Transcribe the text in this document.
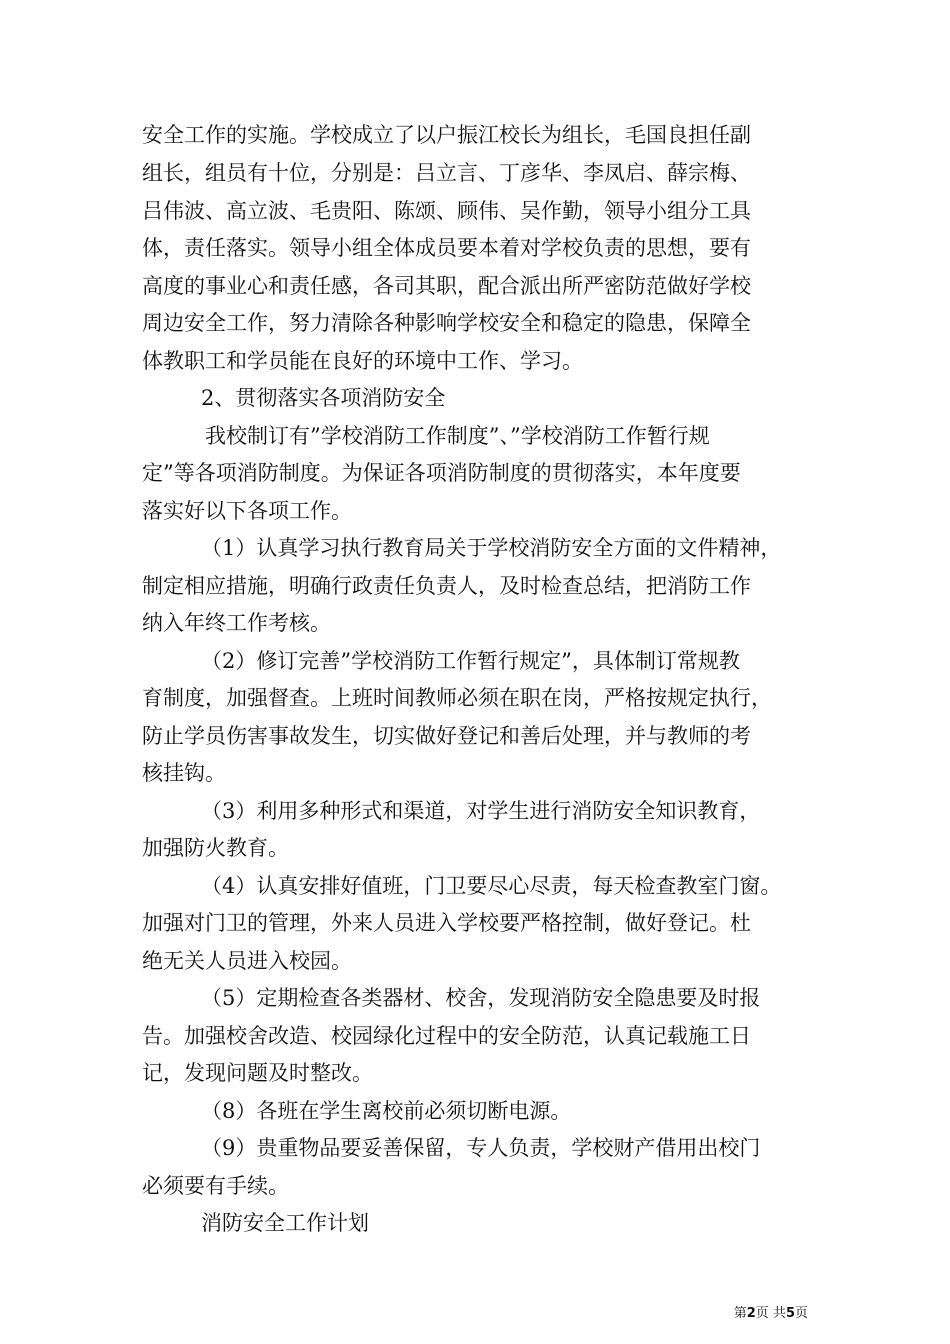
安全工作的实施。学校成立了以户振江校长为组长，毛国良担任副
组长，组员有十位，分别是：吕立言、丁彦华、李凤启、薛宗梅、
吕伟波、高立波、毛贵阳、陈颂、顾伟、吴作勤，领导小组分工具
体，责任落实。领导小组全体成员要本着对学校负责的思想，要有
高度的事业心和责任感，各司其职，配合派出所严密防范做好学校
周边安全工作，努力清除各种影响学校安全和稳定的隐患，保障全
体教职工和学员能在良好的环境中工作、学习。
2、贯彻落实各项消防安全
我校制订有”学校消防工作制度”、”学校消防工作暂行规
定”等各项消防制度。为保证各项消防制度的贯彻落实，本年度要
落实好以下各项工作。
（1）认真学习执行教育局关于学校消防安全方面的文件精神，
制定相应措施，明确行政责任负责人，及时检查总结，把消防工作
纳入年终工作考核。
（2）修订完善”学校消防工作暂行规定”，具体制订常规教
育制度，加强督查。上班时间教师必须在职在岗，严格按规定执行，
防止学员伤害事故发生，切实做好登记和善后处理，并与教师的考
核挂钩。
（3）利用多种形式和渠道，对学生进行消防安全知识教育，
加强防火教育。
（4）认真安排好值班，门卫要尽心尽责，每天检查教室门窗。
加强对门卫的管理，外来人员进入学校要严格控制，做好登记。杜
绝无关人员进入校园。
（5）定期检查各类器材、校舍，发现消防安全隐患要及时报
告。加强校舍改造、校园绿化过程中的安全防范，认真记载施工日
记，发现问题及时整改。
（8）各班在学生离校前必须切断电源。
（9）贵重物品要妥善保留，专人负责，学校财产借用出校门
必须要有手续。
消防安全工作计划
第2页 共5页
